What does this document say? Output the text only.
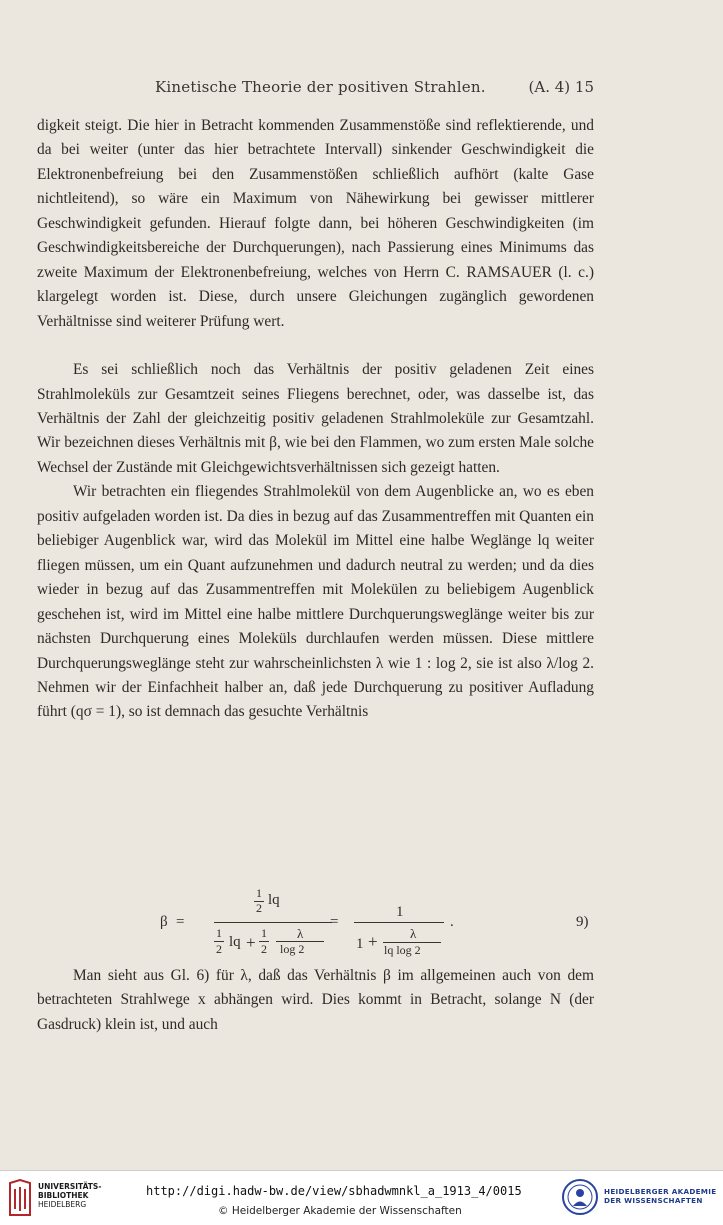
Kinetische Theorie der positiven Strahlen.	(A. 4) 15

digkeit steigt. Die hier in Betracht kommenden Zusammenstöße sind reflektierende, und da bei weiter (unter das hier betrachtete Intervall) sinkender Geschwindigkeit die Elektronenbefreiung bei den Zusammenstößen schließlich aufhört (kalte Gase nichtleitend), so wäre ein Maximum von Nähewirkung bei gewisser mittlerer Geschwindigkeit gefunden. Hierauf folgte dann, bei höheren Geschwindigkeiten (im Geschwindigkeitsbereiche der Durchquerungen), nach Passierung eines Minimums das zweite Maximum der Elektronenbefreiung, welches von Herrn C. RAMSAUER (l. c.) klargelegt worden ist. Diese, durch unsere Gleichungen zugänglich gewordenen Verhältnisse sind weiterer Prüfung wert.

Es sei schließlich noch das Verhältnis der positiv geladenen Zeit eines Strahlmoleküls zur Gesamtzeit seines Fliegens berechnet, oder, was dasselbe ist, das Verhältnis der Zahl der gleichzeitig positiv geladenen Strahlmoleküle zur Gesamtzahl. Wir bezeichnen dieses Verhältnis mit β, wie bei den Flammen, wo zum ersten Male solche Wechsel der Zustände mit Gleichgewichtsverhältnissen sich gezeigt hatten.

Wir betrachten ein fliegendes Strahlmolekül von dem Augenblicke an, wo es eben positiv aufgeladen worden ist. Da dies in bezug auf das Zusammentreffen mit Quanten ein beliebiger Augenblick war, wird das Molekül im Mittel eine halbe Weglänge lq weiter fliegen müssen, um ein Quant aufzunehmen und dadurch neutral zu werden; und da dies wieder in bezug auf das Zusammentreffen mit Molekülen zu beliebigem Augenblick geschehen ist, wird im Mittel eine halbe mittlere Durchquerungsweglänge weiter bis zur nächsten Durchquerung eines Moleküls durchlaufen werden müssen. Diese mittlere Durchquerungsweglänge steht zur wahrscheinlichsten λ wie 1 : log 2, sie ist also λ/log 2. Nehmen wir der Einfachheit halber an, daß jede Durchquerung zu positiver Aufladung führt (qσ = 1), so ist demnach das gesuchte Verhältnis

β =
1
2 lq
1
2 lq + 1
2
λ
log 2
=
1
1 + λ
lq log 2
.	9)

Man sieht aus Gl. 6) für λ, daß das Verhältnis β im allgemeinen auch von dem betrachteten Strahlwege x abhängen wird. Dies kommt in Betracht, solange N (der Gasdruck) klein ist, und auch

UNIVERSITÄTS-
BIBLIOTHEK
HEIDELBERG
http://digi.hadw-bw.de/view/sbhadwmnkl_a_1913_4/0015
© Heidelberger Akademie der Wissenschaften
HEIDELBERGER AKADEMIE
DER WISSENSCHAFTEN
